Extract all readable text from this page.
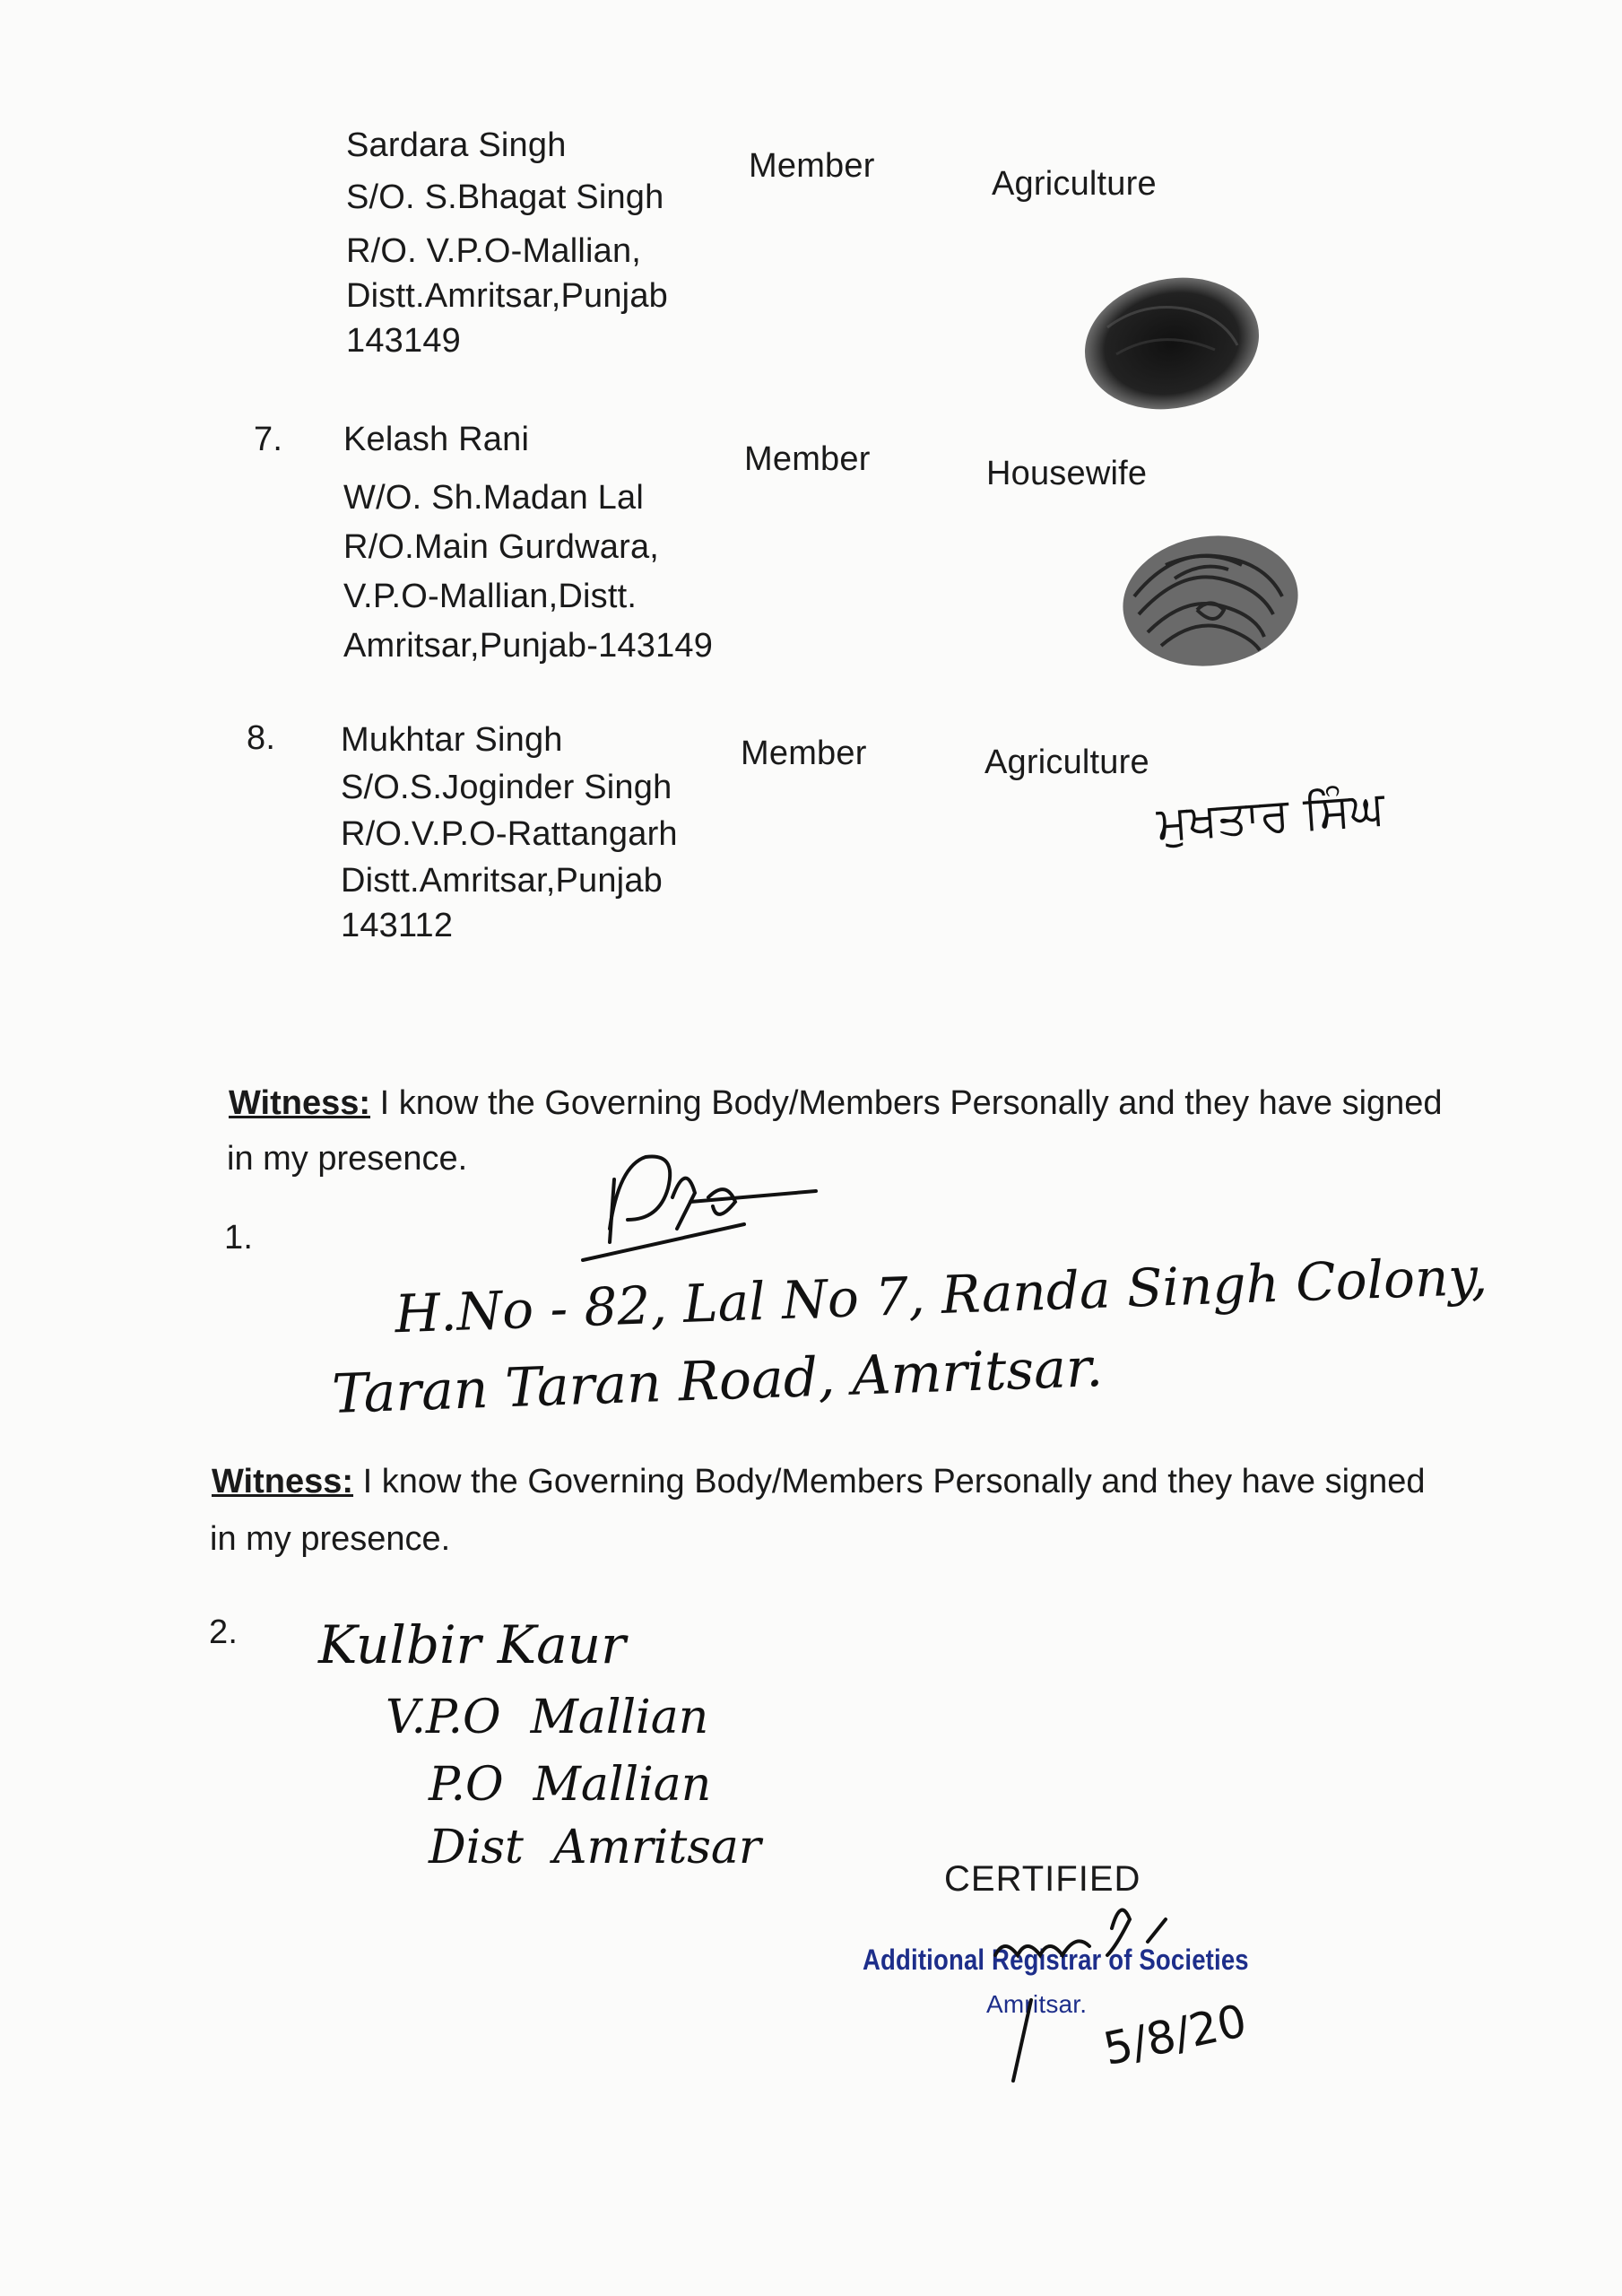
Sardara Singh
S/O. S.Bhagat Singh
R/O. V.P.O-Mallian,
Distt.Amritsar,Punjab
143149
Member	Agriculture
7. Kelash Rani
W/O. Sh.Madan Lal
R/O.Main Gurdwara,
V.P.O-Mallian,Distt.
Amritsar,Punjab-143149
Member	Housewife
8. Mukhtar Singh
S/O.S.Joginder Singh
R/O.V.P.O-Rattangarh
Distt.Amritsar,Punjab
143112
Member	Agriculture
ਮੁਖਤਾਰ ਸਿੰਘ
Witness: I know the Governing Body/Members Personally and they have signed
in my presence.
1.
H.No - 82, Lal No 7, Randa Singh Colony,
Taran Taran Road, Amritsar.
Witness: I know the Governing Body/Members Personally and they have signed
in my presence.
2. Kulbir Kaur
V.P.O  Mallian
P.O  Mallian
Dist  Amritsar
CERTIFIED
Additional Registrar of Societies
Amritsar. 5/8/20
